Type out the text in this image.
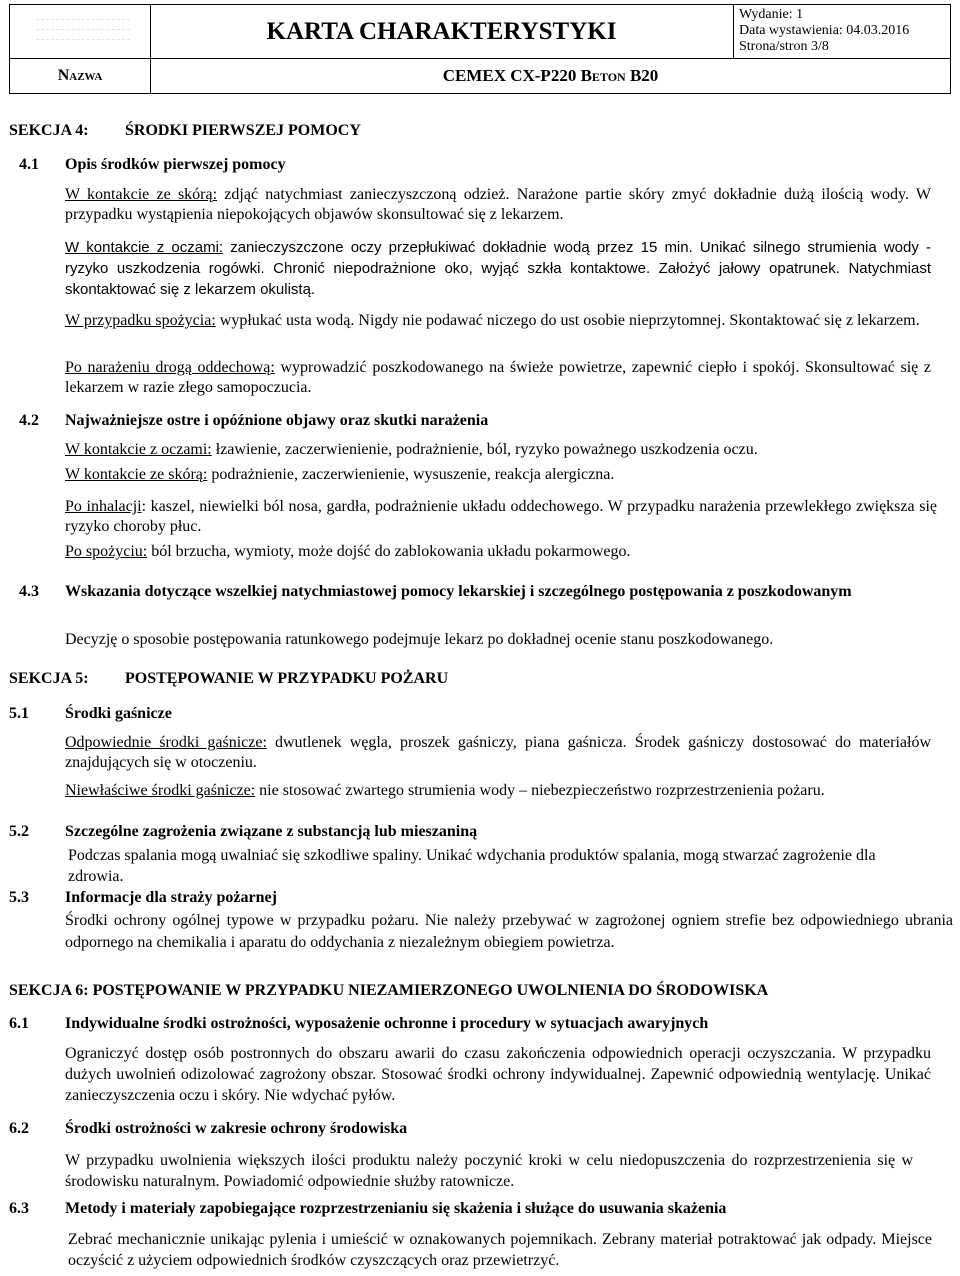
KARTA CHARAKTERYSTYKI
Wydanie: 1
Data wystawienia: 04.03.2016
Strona/stron 3/8
Nazwa	CEMEX CX-P220 Beton B20
SEKCJA 4: ŚRODKI PIERWSZEJ POMOCY
4.1 Opis środków pierwszej pomocy
W kontakcie ze skórą: zdjąć natychmiast zanieczyszczoną odzież. Narażone partie skóry zmyć dokładnie dużą ilością wody. W przypadku wystąpienia niepokojących objawów skonsultować się z lekarzem.
W kontakcie z oczami: zanieczyszczone oczy przepłukiwać dokładnie wodą przez 15 min. Unikać silnego strumienia wody - ryzyko uszkodzenia rogówki. Chronić niepodrażnione oko, wyjąć szkła kontaktowe. Założyć jałowy opatrunek. Natychmiast skontaktować się z lekarzem okulistą.
W przypadku spożycia: wypłukać usta wodą. Nigdy nie podawać niczego do ust osobie nieprzytomnej. Skontaktować się z lekarzem.
Po narażeniu drogą oddechową: wyprowadzić poszkodowanego na świeże powietrze, zapewnić ciepło i spokój. Skonsultować się z lekarzem w razie złego samopoczucia.
4.2 Najważniejsze ostre i opóźnione objawy oraz skutki narażenia
W kontakcie z oczami: łzawienie, zaczerwienienie, podrażnienie, ból, ryzyko poważnego uszkodzenia oczu.
W kontakcie ze skórą: podrażnienie, zaczerwienienie, wysuszenie, reakcja alergiczna.
Po inhalacji: kaszel, niewielki ból nosa, gardła, podrażnienie układu oddechowego. W przypadku narażenia przewlekłego zwiększa się ryzyko choroby płuc.
Po spożyciu: ból brzucha, wymioty, może dojść do zablokowania układu pokarmowego.
4.3 Wskazania dotyczące wszelkiej natychmiastowej pomocy lekarskiej i szczególnego postępowania z poszkodowanym
Decyzję o sposobie postępowania ratunkowego podejmuje lekarz po dokładnej ocenie stanu poszkodowanego.
SEKCJA 5: POSTĘPOWANIE W PRZYPADKU POŻARU
5.1 Środki gaśnicze
Odpowiednie środki gaśnicze: dwutlenek węgla, proszek gaśniczy, piana gaśnicza. Środek gaśniczy dostosować do materiałów znajdujących się w otoczeniu.
Niewłaściwe środki gaśnicze: nie stosować zwartego strumienia wody – niebezpieczeństwo rozprzestrzenienia pożaru.
5.2 Szczególne zagrożenia związane z substancją lub mieszaniną
Podczas spalania mogą uwalniać się szkodliwe spaliny. Unikać wdychania produktów spalania, mogą stwarzać zagrożenie dla zdrowia.
5.3 Informacje dla straży pożarnej
Środki ochrony ogólnej typowe w przypadku pożaru. Nie należy przebywać w zagrożonej ogniem strefie bez odpowiedniego ubrania odpornego na chemikalia i aparatu do oddychania z niezależnym obiegiem powietrza.
SEKCJA 6: POSTĘPOWANIE W PRZYPADKU NIEZAMIERZONEGO UWOLNIENIA DO ŚRODOWISKA
6.1 Indywidualne środki ostrożności, wyposażenie ochronne i procedury w sytuacjach awaryjnych
Ograniczyć dostęp osób postronnych do obszaru awarii do czasu zakończenia odpowiednich operacji oczyszczania. W przypadku dużych uwolnień odizolować zagrożony obszar. Stosować środki ochrony indywidualnej. Zapewnić odpowiednią wentylację. Unikać zanieczyszczenia oczu i skóry. Nie wdychać pyłów.
6.2 Środki ostrożności w zakresie ochrony środowiska
W przypadku uwolnienia większych ilości produktu należy poczynić kroki w celu niedopuszczenia do rozprzestrzenienia się w środowisku naturalnym. Powiadomić odpowiednie służby ratownicze.
6.3 Metody i materiały zapobiegające rozprzestrzenianiu się skażenia i służące do usuwania skażenia
Zebrać mechanicznie unikając pylenia i umieścić w oznakowanych pojemnikach. Zebrany materiał potraktować jak odpady. Miejsce oczyścić z użyciem odpowiednich środków czyszczących oraz przewietrzyć.
